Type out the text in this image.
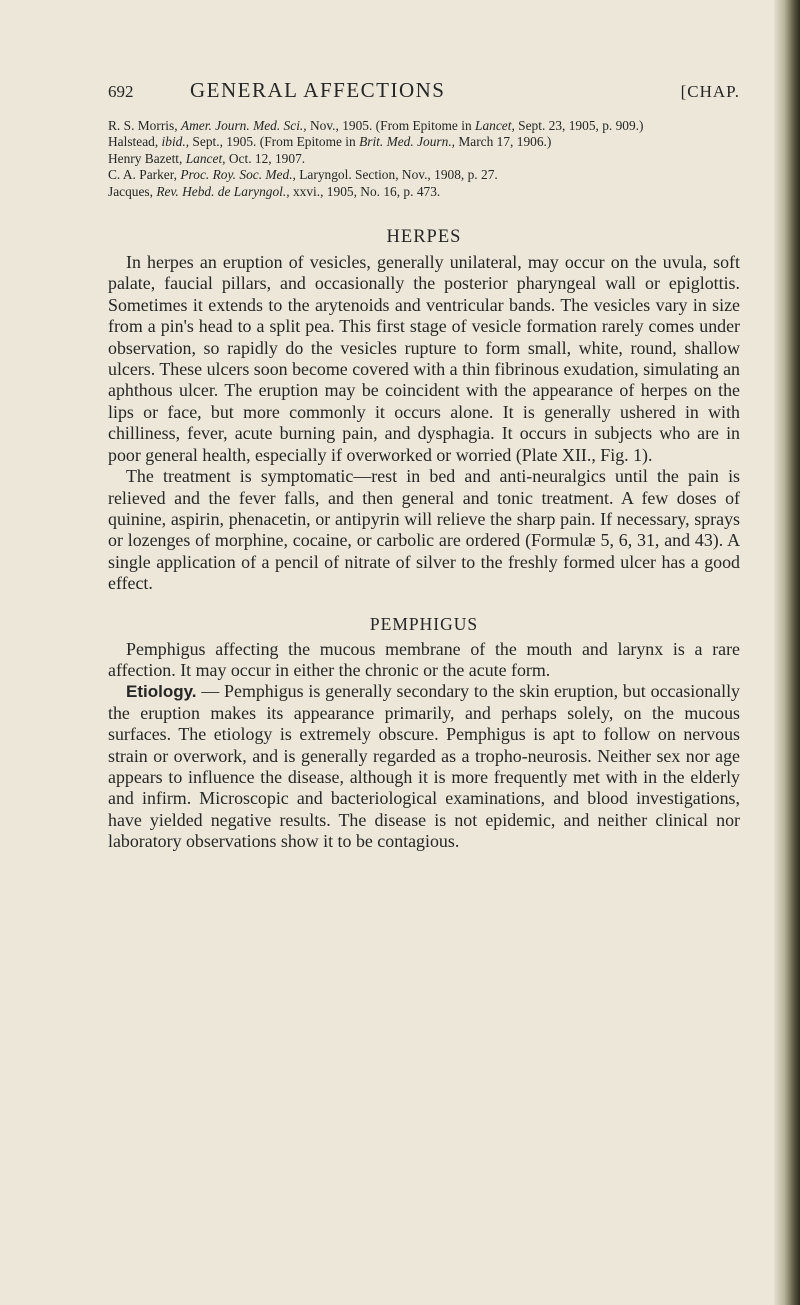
692	GENERAL AFFECTIONS	[CHAP.

R. S. Morris, Amer. Journ. Med. Sci., Nov., 1905. (From Epitome in Lancet, Sept. 23, 1905, p. 909.)

Halstead, ibid., Sept., 1905. (From Epitome in Brit. Med. Journ., March 17, 1906.)

Henry Bazett, Lancet, Oct. 12, 1907.

C. A. Parker, Proc. Roy. Soc. Med., Laryngol. Section, Nov., 1908, p. 27.

Jacques, Rev. Hebd. de Laryngol., xxvi., 1905, No. 16, p. 473.

HERPES

In herpes an eruption of vesicles, generally unilateral, may occur on the uvula, soft palate, faucial pillars, and occasionally the posterior pharyngeal wall or epiglottis. Sometimes it extends to the arytenoids and ventricular bands. The vesicles vary in size from a pin's head to a split pea. This first stage of vesicle formation rarely comes under observation, so rapidly do the vesicles rupture to form small, white, round, shallow ulcers. These ulcers soon become covered with a thin fibrinous exudation, simulating an aphthous ulcer. The eruption may be coincident with the appearance of herpes on the lips or face, but more commonly it occurs alone. It is generally ushered in with chilliness, fever, acute burning pain, and dysphagia. It occurs in subjects who are in poor general health, especially if overworked or worried (Plate XII., Fig. 1).

The treatment is symptomatic—rest in bed and anti-neuralgics until the pain is relieved and the fever falls, and then general and tonic treatment. A few doses of quinine, aspirin, phenacetin, or antipyrin will relieve the sharp pain. If necessary, sprays or lozenges of morphine, cocaine, or carbolic are ordered (Formulæ 5, 6, 31, and 43). A single application of a pencil of nitrate of silver to the freshly formed ulcer has a good effect.

PEMPHIGUS

Pemphigus affecting the mucous membrane of the mouth and larynx is a rare affection. It may occur in either the chronic or the acute form.

Etiology. — Pemphigus is generally secondary to the skin eruption, but occasionally the eruption makes its appearance primarily, and perhaps solely, on the mucous surfaces. The etiology is extremely obscure. Pemphigus is apt to follow on nervous strain or overwork, and is generally regarded as a tropho-neurosis. Neither sex nor age appears to influence the disease, although it is more frequently met with in the elderly and infirm. Microscopic and bacteriological examinations, and blood investigations, have yielded negative results. The disease is not epidemic, and neither clinical nor laboratory observations show it to be contagious.
